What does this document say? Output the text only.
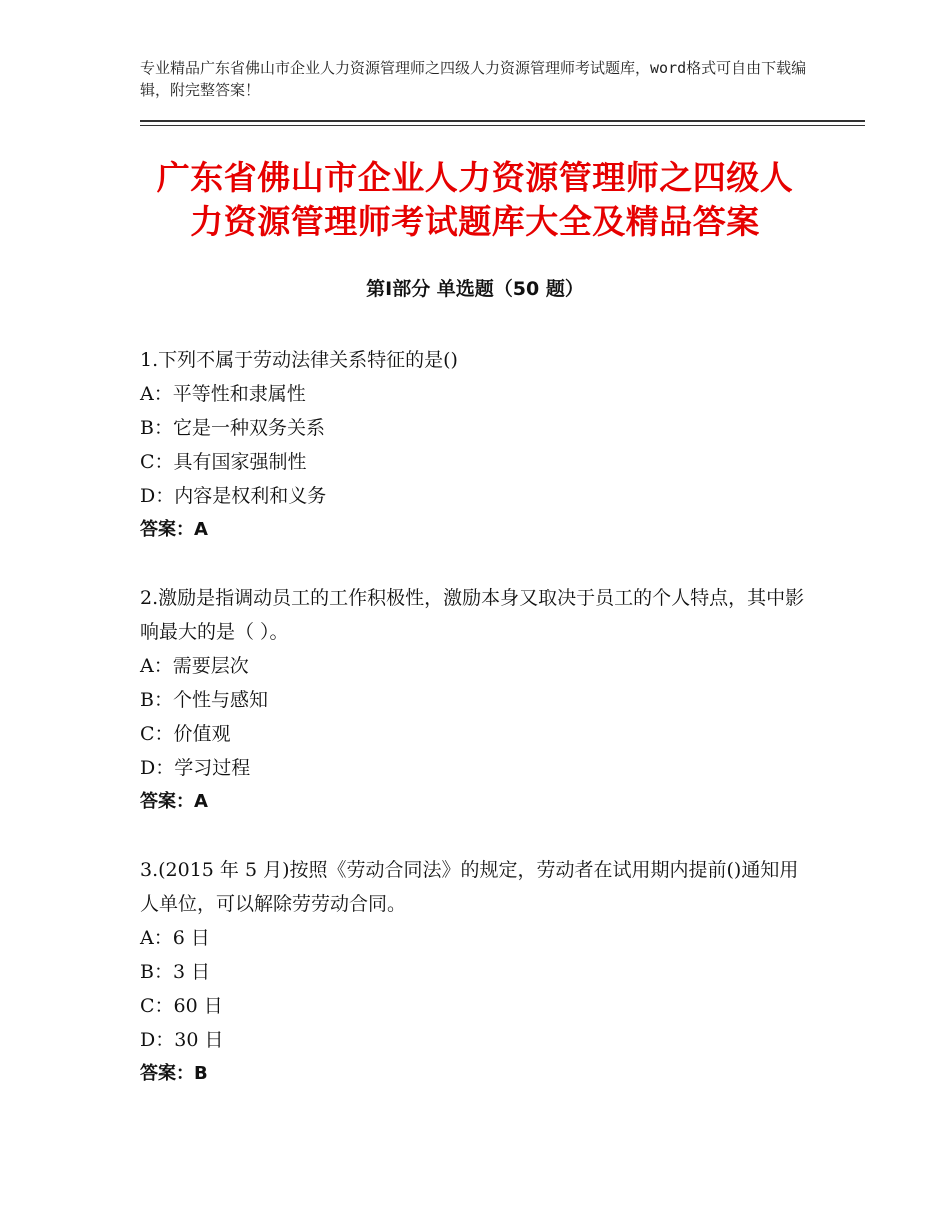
专业精品广东省佛山市企业人力资源管理师之四级人力资源管理师考试题库，word格式可自由下载编辑，附完整答案！
广东省佛山市企业人力资源管理师之四级人
力资源管理师考试题库大全及精品答案
第Ⅰ部分 单选题（50 题）

1.下列不属于劳动法律关系特征的是()

A：平等性和隶属性

B：它是一种双务关系

C：具有国家强制性

D：内容是权利和义务

答案：A

2.激励是指调动员工的工作积极性，激励本身又取决于员工的个人特点，其中影响最大的是（ ）。

A：需要层次

B：个性与感知

C：价值观

D：学习过程

答案：A

3.(2015 年 5 月)按照《劳动合同法》的规定，劳动者在试用期内提前()通知用人单位，可以解除劳劳动合同。

A：6 日

B：3 日

C：60 日

D：30 日

答案：B
